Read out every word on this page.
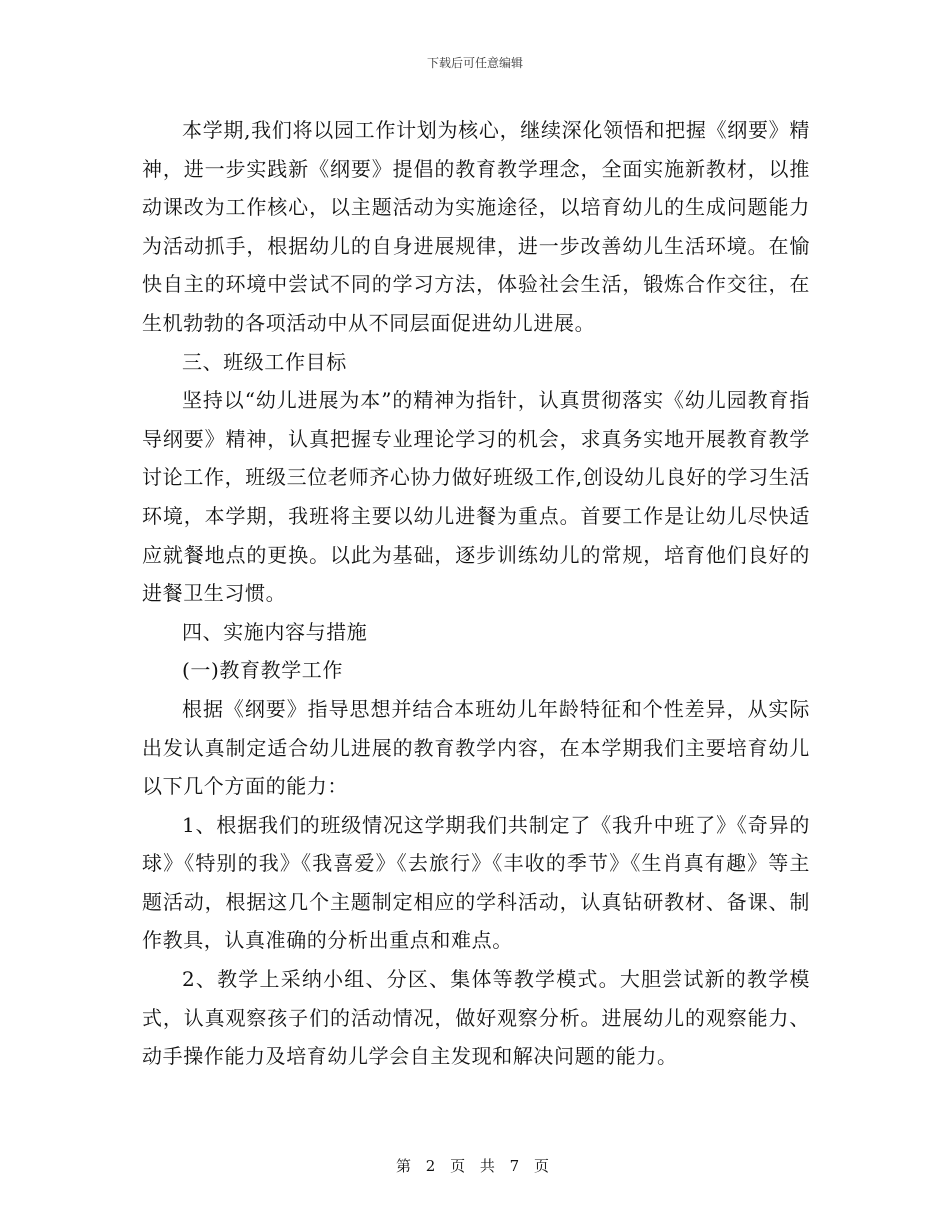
下载后可任意编辑

本学期,我们将以园工作计划为核心，继续深化领悟和把握《纲要》精神，进一步实践新《纲要》提倡的教育教学理念，全面实施新教材，以推动课改为工作核心，以主题活动为实施途径，以培育幼儿的生成问题能力为活动抓手，根据幼儿的自身进展规律，进一步改善幼儿生活环境。在愉快自主的环境中尝试不同的学习方法，体验社会生活，锻炼合作交往，在生机勃勃的各项活动中从不同层面促进幼儿进展。

三、班级工作目标

坚持以“幼儿进展为本”的精神为指针，认真贯彻落实《幼儿园教育指导纲要》精神，认真把握专业理论学习的机会，求真务实地开展教育教学讨论工作，班级三位老师齐心协力做好班级工作,创设幼儿良好的学习生活环境，本学期，我班将主要以幼儿进餐为重点。首要工作是让幼儿尽快适应就餐地点的更换。以此为基础，逐步训练幼儿的常规，培育他们良好的进餐卫生习惯。

四、实施内容与措施

(一)教育教学工作

根据《纲要》指导思想并结合本班幼儿年龄特征和个性差异，从实际出发认真制定适合幼儿进展的教育教学内容，在本学期我们主要培育幼儿以下几个方面的能力：

1、根据我们的班级情况这学期我们共制定了《我升中班了》《奇异的球》《特别的我》《我喜爱》《去旅行》《丰收的季节》《生肖真有趣》等主题活动，根据这几个主题制定相应的学科活动，认真钻研教材、备课、制作教具，认真准确的分析出重点和难点。

2、教学上采纳小组、分区、集体等教学模式。大胆尝试新的教学模式，认真观察孩子们的活动情况，做好观察分析。进展幼儿的观察能力、动手操作能力及培育幼儿学会自主发现和解决问题的能力。

第 2 页 共 7 页
